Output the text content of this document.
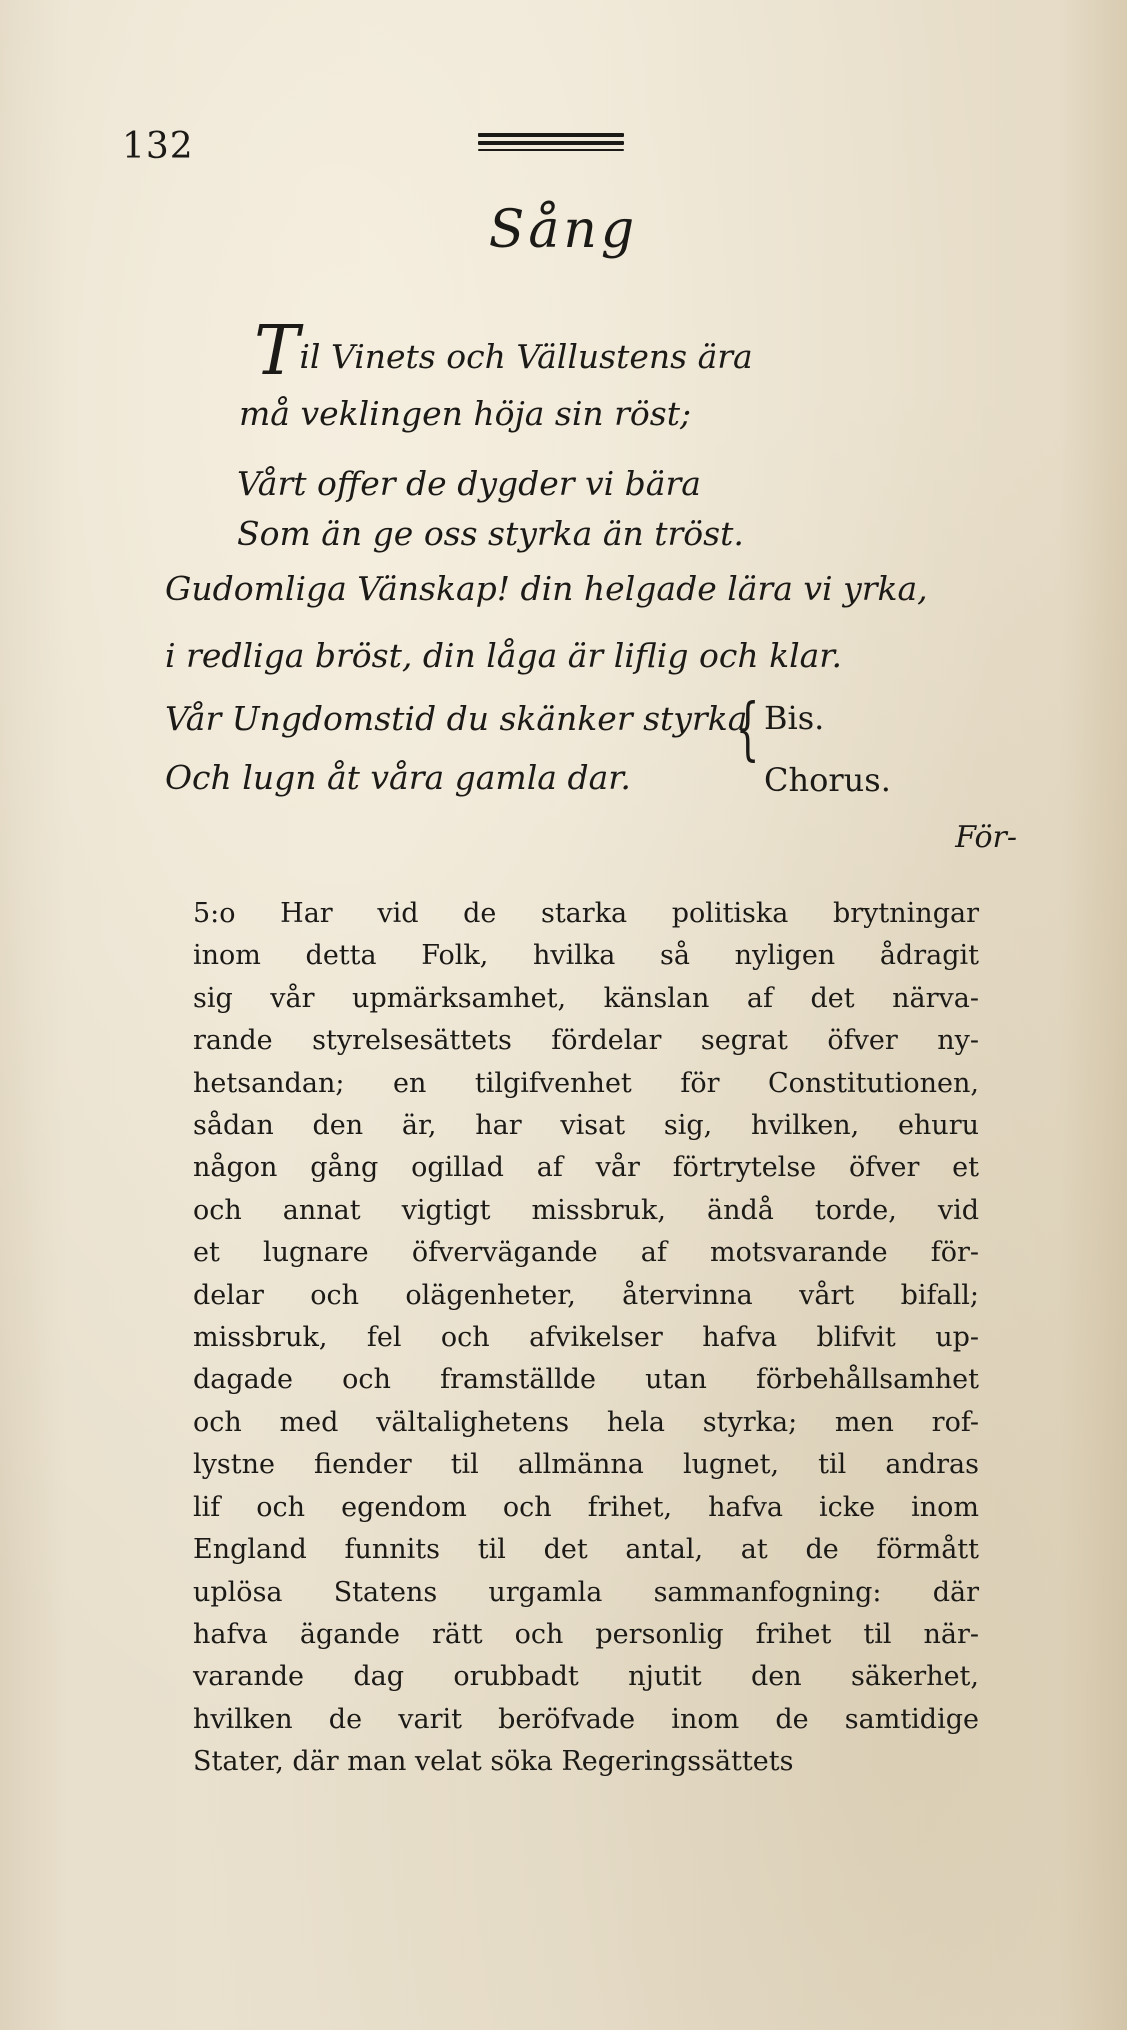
132
Sång
Til Vinets och Vällustens ära
må veklingen höja sin röst;
Vårt offer de dygder vi bära
Som än ge oss styrka än tröst.
Gudomliga Vänskap! din helgade lära vi yrka,
i redliga bröst, din låga är liflig och klar.
Vår Ungdomstid du skänker styrka
Och lugn åt våra gamla dar.
{ Bis.
Chorus.
För-
5:o Har vid de starka politiska brytningar
inom detta Folk, hvilka så nyligen ådragit
sig vår upmärksamhet, känslan af det närva-
rande styrelsesättets fördelar segrat öfver ny-
hetsandan; en tilgifvenhet för Constitutionen,
sådan den är, har visat sig, hvilken, ehuru
någon gång ogillad af vår förtrytelse öfver et
och annat vigtigt missbruk, ändå torde, vid
et lugnare öfvervägande af motsvarande för-
delar och olägenheter, återvinna vårt bifall;
missbruk, fel och afvikelser hafva blifvit up-
dagade och framställde utan förbehållsamhet
och med vältalighetens hela styrka; men rof-
lystne fiender til allmänna lugnet, til andras
lif och egendom och frihet, hafva icke inom
England funnits til det antal, at de förmått
uplösa Statens urgamla sammanfogning: där
hafva ägande rätt och personlig frihet til när-
varande dag orubbadt njutit den säkerhet,
hvilken de varit beröfvade inom de samtidige
Stater, där man velat söka Regeringssättets
